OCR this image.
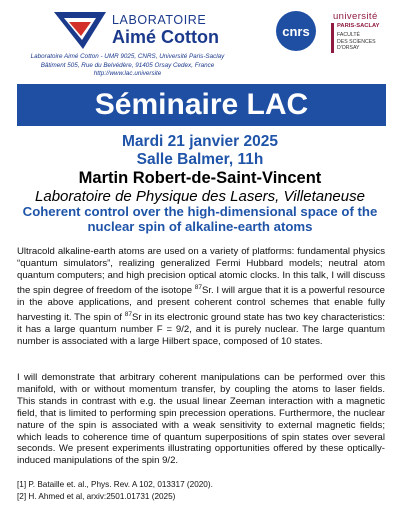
LABORATOIRE
Aimé Cotton
Laboratoire Aimé Cotton - UMR 9025, CNRS, Université Paris-Saclay
Bâtiment 505, Rue du Belvédère, 91405 Orsay Cedex, France
http://www.lac.universite
cnrs
université
PARIS-SACLAY
FACULTÉ
DES SCIENCES
D'ORSAY
Séminaire LAC
Mardi 21 janvier 2025
Salle Balmer, 11h
Martin Robert-de-Saint-Vincent
Laboratoire de Physique des Lasers, Villetaneuse
Coherent control over the high-dimensional space of the nuclear spin of alkaline-earth atoms
Ultracold alkaline-earth atoms are used on a variety of platforms: fundamental physics “quantum simulators”, realizing generalized Fermi Hubbard models; neutral atom quantum computers; and high precision optical atomic clocks. In this talk, I will discuss the spin degree of freedom of the isotope $^{87}$Sr. I will argue that it is a powerful resource in the above applications, and present coherent control schemes that enable fully harvesting it. The spin of $^{87}$Sr in its electronic ground state has two key characteristics: it has a large quantum number F = 9/2, and it is purely nuclear. The large quantum number is associated with a large Hilbert space, composed of 10 states.
I will demonstrate that arbitrary coherent manipulations can be performed over this manifold, with or without momentum transfer, by coupling the atoms to laser fields. This stands in contrast with e.g. the usual linear Zeeman interaction with a magnetic field, that is limited to performing spin precession operations. Furthermore, the nuclear nature of the spin is associated with a weak sensitivity to external magnetic fields; which leads to coherence time of quantum superpositions of spin states over several seconds. We present experiments illustrating opportunities offered by these optically-induced manipulations of the spin 9/2.
[1] P. Bataille et. al., Phys. Rev. A 102, 013317 (2020).
[2] H. Ahmed et al, arxiv:2501.01731 (2025)
